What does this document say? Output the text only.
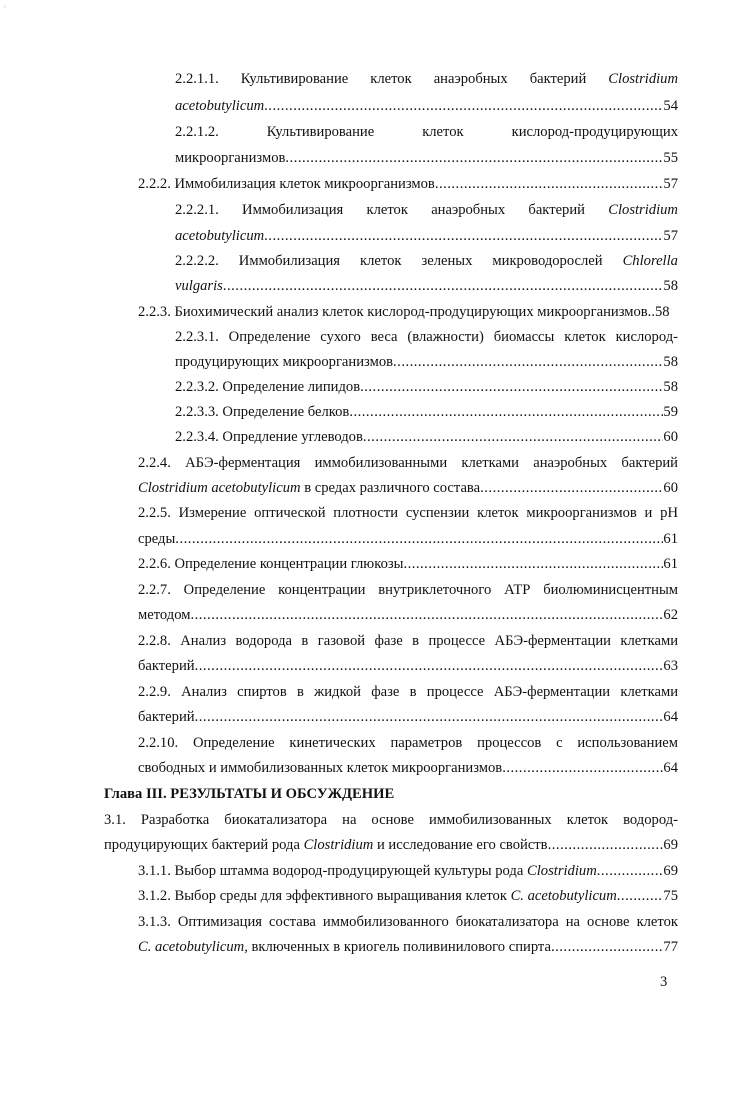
:
2.2.1.1. Культивирование клеток анаэробных бактерий Clostridium
acetobutylicum .....	54
2.2.1.2.	Культивирование	клеток	кислород-продуцирующих
микроорганизмов .....	55
2.2.2. Иммобилизация клеток микроорганизмов .....	57
2.2.2.1. Иммобилизация клеток анаэробных бактерий Clostridium
acetobutylicum .....	57
2.2.2.2. Иммобилизация клеток зеленых микроводорослей Chlorella
vulgaris .....	58
2.2.3. Биохимический анализ клеток кислород-продуцирующих микроорганизмов.. 58
2.2.3.1. Определение сухого веса (влажности) биомассы клеток кислород-
продуцирующих микроорганизмов .....	58
2.2.3.2. Определение липидов .....	58
2.2.3.3. Определение белков .....	59
2.2.3.4. Опредление углеводов .....	60
2.2.4. АБЭ-ферментация иммобилизованными клетками анаэробных бактерий
Clostridium acetobutylicum в средах различного состава .....	60
2.2.5. Измерение оптической плотности суспензии клеток микроорганизмов и pH
среды .....	61
2.2.6. Определение концентрации глюкозы .....	61
2.2.7. Определение концентрации внутриклеточного АТР биолюминисцентным
методом .....	62
2.2.8. Анализ водорода в газовой фазе в процессе АБЭ-ферментации клетками
бактерий .....	63
2.2.9. Анализ спиртов в жидкой фазе в процессе АБЭ-ферментации клетками
бактерий .....	64
2.2.10. Определение кинетических параметров процессов с использованием
свободных и иммобилизованных клеток микроорганизмов .....	64
Глава III. РЕЗУЛЬТАТЫ И ОБСУЖДЕНИЕ
3.1. Разработка биокатализатора на основе иммобилизованных клеток водород-
продуцирующих бактерий рода Clostridium и исследование его свойств .....	69
3.1.1. Выбор штамма водород-продуцирующей культуры рода Clostridium .....	69
3.1.2. Выбор среды для эффективного выращивания клеток C. acetobutylicum .....	75
3.1.3. Оптимизация состава иммобилизованного биокатализатора на основе клеток
C. acetobutylicum , включенных в криогель поливинилового спирта .....	77
3
